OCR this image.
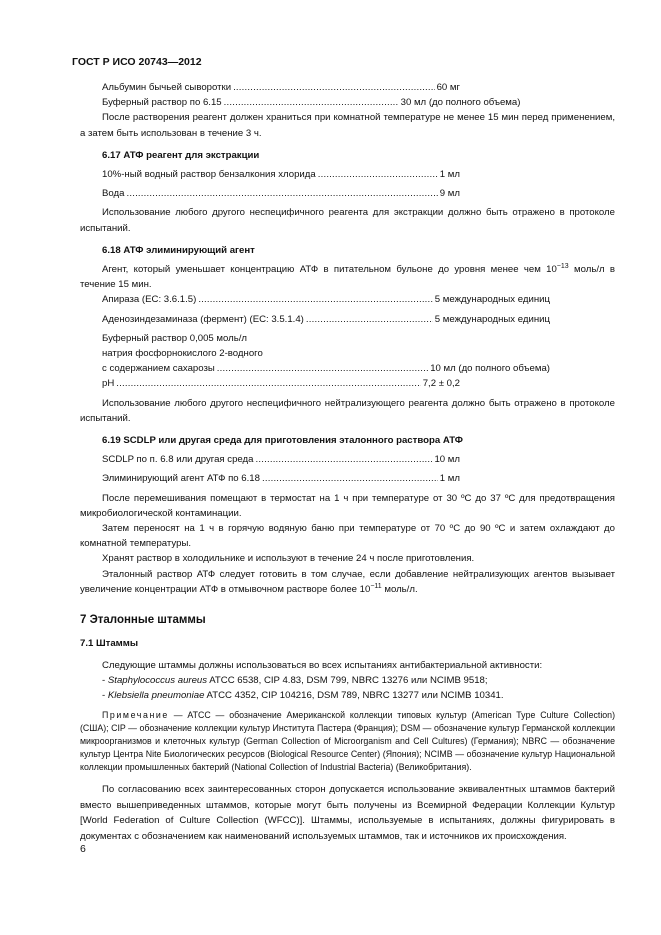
ГОСТ Р ИСО 20743—2012
Альбумин бычьей сыворотки .....	60 мг
Буферный раствор по 6.15 .....	30 мл (до полного объема)
После растворения реагент должен храниться при комнатной температуре не менее 15 мин перед применением, а затем быть использован в течение 3 ч.
6.17 АТФ реагент для экстракции
10%-ный водный раствор бензалкония хлорида .....	1 мл
Вода .....	9 мл
Использование любого другого неспецифичного реагента для экстракции должно быть отражено в протоколе испытаний.
6.18 АТФ элиминирующий агент
Агент, который уменьшает концентрацию АТФ в питательном бульоне до уровня менее чем $10^{-13}$ моль/л в течение 15 мин.
Апираза (ЕС: 3.6.1.5) .....	5 международных единиц
Аденозиндезаминаза (фермент) (ЕС: 3.5.1.4) .....	5 международных единиц
Буферный раствор 0,005 моль/л
натрия фосфорнокислого 2-водного
с содержанием сахарозы .....	10 мл (до полного объема)
pH .....	7,2 ± 0,2
Использование любого другого неспецифичного нейтрализующего реагента должно быть отражено в протоколе испытаний.
6.19 SCDLP или другая среда для приготовления эталонного раствора АТФ
SCDLP по п. 6.8 или другая среда .....	10 мл
Элиминирующий агент АТФ по 6.18 .....	1 мл
После перемешивания помещают в термостат на 1 ч при температуре от 30 ºС до 37 ºС для предотвращения микробиологической контаминации.
Затем переносят на 1 ч в горячую водяную баню при температуре от 70 ºС до 90 ºС и затем охлаждают до комнатной температуры.
Хранят раствор в холодильнике и используют в течение 24 ч после приготовления.
Эталонный раствор АТФ следует готовить в том случае, если добавление нейтрализующих агентов вызывает увеличение концентрации АТФ в отмывочном растворе более $10^{-11}$ моль/л.
7 Эталонные штаммы
7.1 Штаммы
Следующие штаммы должны использоваться во всех испытаниях антибактериальной активности:
- Staphylococcus aureus ATCC 6538, CIP 4.83, DSM 799, NBRC 13276 или NCIMB 9518;
- Klebsiella pneumoniae ATCC 4352, CIP 104216, DSM 789, NBRC 13277 или NCIMB 10341.
Примечание — АТСС — обозначение Американской коллекции типовых культур (American Type Culture Collection) (США); CIP — обозначение коллекции культур Института Пастера (Франция); DSM — обозначение культур Германской коллекции микроорганизмов и клеточных культур (German Collection of Microorganism and Cell Cultures) (Германия); NBRC — обозначение культур Центра Nite Биологических ресурсов (Biological Resource Center) (Япония); NCIMB — обозначение культур Национальной коллекции промышленных бактерий (National Collection of Industrial Bacteria) (Великобритания).
По согласованию всех заинтересованных сторон допускается использование эквивалентных штаммов бактерий вместо вышеприведенных штаммов, которые могут быть получены из Всемирной Федерации Коллекции Культур [World Federation of Culture Collection (WFCC)]. Штаммы, используемые в испытаниях, должны фигурировать в документах с обозначением как наименований используемых штаммов, так и источников их происхождения.
6
